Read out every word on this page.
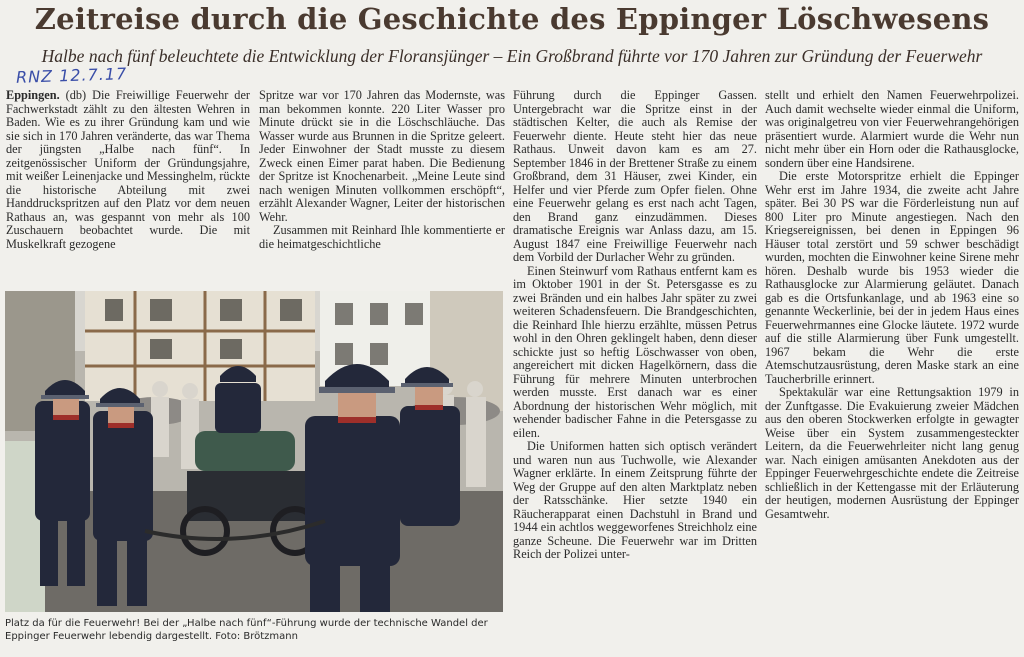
Zeitreise durch die Geschichte des Eppinger Löschwesens
Halbe nach fünf beleuchtete die Entwicklung der Floransjünger – Ein Großbrand führte vor 170 Jahren zur Gründung der Feuerwehr
RNZ 12.7.17

Eppingen. (db) Die Freiwillige Feuerwehr der Fachwerkstadt zählt zu den ältesten Wehren in Baden. Wie es zu ihrer Gründung kam und wie sie sich in 170 Jahren veränderte, das war Thema der jüngsten „Halbe nach fünf“. In zeitgenössischer Uniform der Gründungsjahre, mit weißer Leinenjacke und Messinghelm, rückte die historische Abteilung mit zwei Handdruckspritzen auf den Platz vor dem neuen Rathaus an, was gespannt von mehr als 100 Zuschauern beobachtet wurde. Die mit Muskelkraft gezogene

Spritze war vor 170 Jahren das Modernste, was man bekommen konnte. 220 Liter Wasser pro Minute drückt sie in die Löschschläuche. Das Wasser wurde aus Brunnen in die Spritze geleert. Jeder Einwohner der Stadt musste zu diesem Zweck einen Eimer parat haben. Die Bedienung der Spritze ist Knochenarbeit. „Meine Leute sind nach wenigen Minuten vollkommen erschöpft“, erzählt Alexander Wagner, Leiter der historischen Wehr.

Zusammen mit Reinhard Ihle kommentierte er die heimatgeschichtliche

Führung durch die Eppinger Gassen. Untergebracht war die Spritze einst in der städtischen Kelter, die auch als Remise der Feuerwehr diente. Heute steht hier das neue Rathaus. Unweit davon kam es am 27. September 1846 in der Brettener Straße zu einem Großbrand, dem 31 Häuser, zwei Kinder, ein Helfer und vier Pferde zum Opfer fielen. Ohne eine Feuerwehr gelang es erst nach acht Tagen, den Brand ganz einzudämmen. Dieses dramatische Ereignis war Anlass dazu, am 15. August 1847 eine Freiwillige Feuerwehr nach dem Vorbild der Durlacher Wehr zu gründen.

Einen Steinwurf vom Rathaus entfernt kam es im Oktober 1901 in der St. Petersgasse es zu zwei Bränden und ein halbes Jahr später zu zwei weiteren Schadensfeuern. Die Brandgeschichten, die Reinhard Ihle hierzu erzählte, müssen Petrus wohl in den Ohren geklingelt haben, denn dieser schickte just so heftig Löschwasser von oben, angereichert mit dicken Hagelkörnern, dass die Führung für mehrere Minuten unterbrochen werden musste. Erst danach war es einer Abordnung der historischen Wehr möglich, mit wehender badischer Fahne in die Petersgasse zu eilen.

Die Uniformen hatten sich optisch verändert und waren nun aus Tuchwolle, wie Alexander Wagner erklärte. In einem Zeitsprung führte der Weg der Gruppe auf den alten Marktplatz neben der Ratsschänke. Hier setzte 1940 ein Räucherapparat einen Dachstuhl in Brand und 1944 ein achtlos weggeworfenes Streichholz eine ganze Scheune. Die Feuerwehr war im Dritten Reich der Polizei unter-

stellt und erhielt den Namen Feuerwehrpolizei. Auch damit wechselte wieder einmal die Uniform, was originalgetreu von vier Feuerwehrangehörigen präsentiert wurde. Alarmiert wurde die Wehr nun nicht mehr über ein Horn oder die Rathausglocke, sondern über eine Handsirene.

Die erste Motorspritze erhielt die Eppinger Wehr erst im Jahre 1934, die zweite acht Jahre später. Bei 30 PS war die Förderleistung nun auf 800 Liter pro Minute angestiegen. Nach den Kriegsereignissen, bei denen in Eppingen 96 Häuser total zerstört und 59 schwer beschädigt wurden, mochten die Einwohner keine Sirene mehr hören. Deshalb wurde bis 1953 wieder die Rathausglocke zur Alarmierung geläutet. Danach gab es die Ortsfunkanlage, und ab 1963 eine so genannte Weckerlinie, bei der in jedem Haus eines Feuerwehrmannes eine Glocke läutete. 1972 wurde auf die stille Alarmierung über Funk umgestellt. 1967 bekam die Wehr die erste Atemschutzausrüstung, deren Maske stark an eine Taucherbrille erinnert.

Spektakulär war eine Rettungsaktion 1979 in der Zunftgasse. Die Evakuierung zweier Mädchen aus den oberen Stockwerken erfolgte in gewagter Weise über ein System zusammengesteckter Leitern, da die Feuerwehrleiter nicht lang genug war. Nach einigen amüsanten Anekdoten aus der Eppinger Feuerwehrgeschichte endete die Zeitreise schließlich in der Kettengasse mit der Erläuterung der heutigen, modernen Ausrüstung der Eppinger Gesamtwehr.

Platz da für die Feuerwehr! Bei der „Halbe nach fünf“-Führung wurde der technische Wandel der Eppinger Feuerwehr lebendig dargestellt. Foto: Brötzmann
